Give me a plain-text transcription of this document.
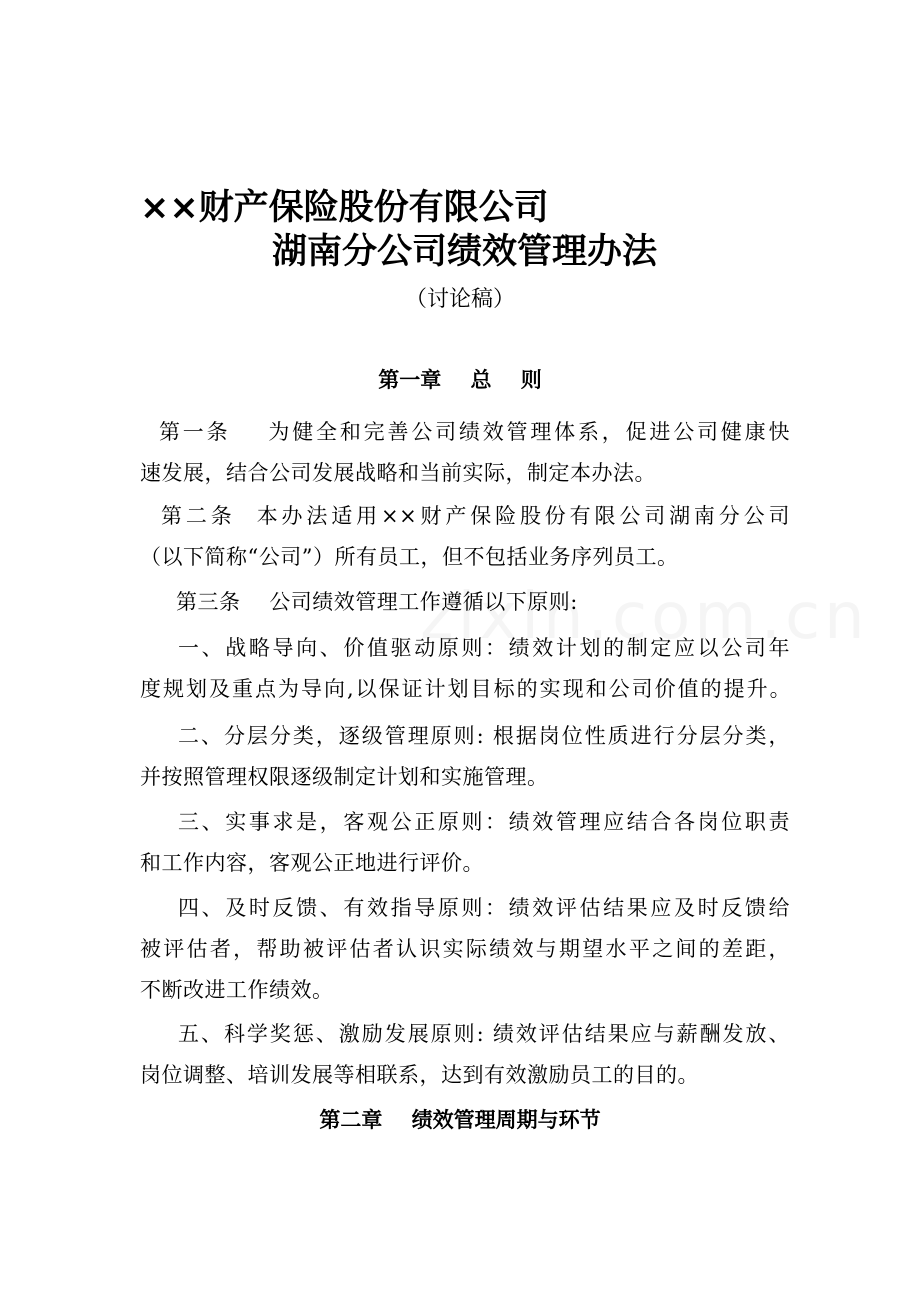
××财产保险股份有限公司
湖南分公司绩效管理办法
（讨论稿）
第一章    总    则
第一条    为健全和完善公司绩效管理体系，促进公司健康快
速发展，结合公司发展战略和当前实际，制定本办法。
第二条  本办法适用××财产保险股份有限公司湖南分公司
（以下简称“公司”）所有员工，但不包括业务序列员工。
第三条    公司绩效管理工作遵循以下原则:
一、战略导向、价值驱动原则：绩效计划的制定应以公司年
度规划及重点为导向,以保证计划目标的实现和公司价值的提升。
二、分层分类，逐级管理原则: 根据岗位性质进行分层分类，
并按照管理权限逐级制定计划和实施管理。
三、实事求是，客观公正原则：绩效管理应结合各岗位职责
和工作内容，客观公正地进行评价。
四、及时反馈、有效指导原则：绩效评估结果应及时反馈给
被评估者，帮助被评估者认识实际绩效与期望水平之间的差距，
不断改进工作绩效。
五、科学奖惩、激励发展原则: 绩效评估结果应与薪酬发放、
岗位调整、培训发展等相联系，达到有效激励员工的目的。
第二章    绩效管理周期与环节
